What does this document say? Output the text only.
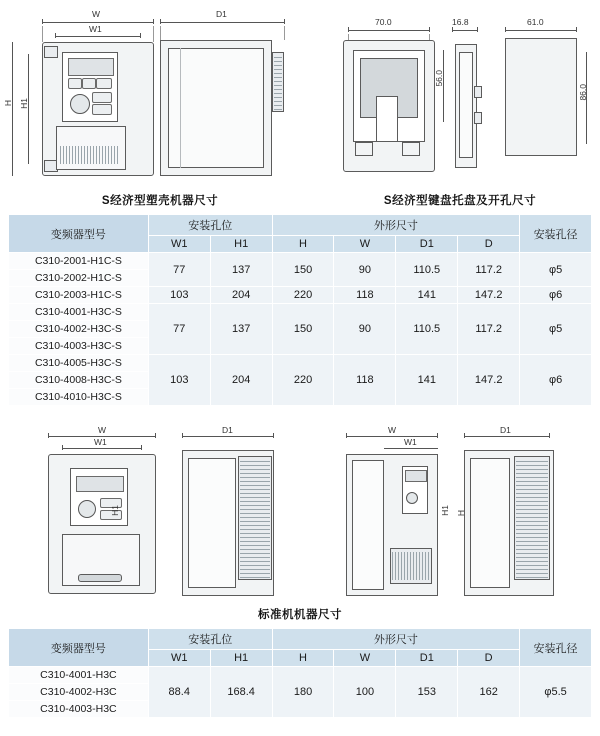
W
W1
H H1
D1
S经济型塑壳机器尺寸
70.0	16.8	61.0
56.0
86.0
S经济型键盘托盘及开孔尺寸
变频器型号	安装孔位		外形尺寸				安装孔径
	W1	H1	H	W	D1	D	
C310-2001-H1C-S	77	137	150	90	110.5	117.2	φ5
C310-2002-H1C-S							
C310-2003-H1C-S	103	204	220	118	141	147.2	φ6
C310-4001-H3C-S	77	137	150	90	110.5	117.2	φ5
C310-4002-H3C-S							
C310-4003-H3C-S							
C310-4005-H3C-S	103	204	220	118	141	147.2	φ6
C310-4008-H3C-S							
C310-4010-H3C-S							
W
W1
H1
D1	W
W1
H1
D1
H
标准机机器尺寸
变频器型号	安装孔位		外形尺寸				安装孔径
	W1	H1	H	W	D1	D	
C310-4001-H3C	88.4	168.4	180	100	153	162	φ5.5
C310-4002-H3C							
C310-4003-H3C							
